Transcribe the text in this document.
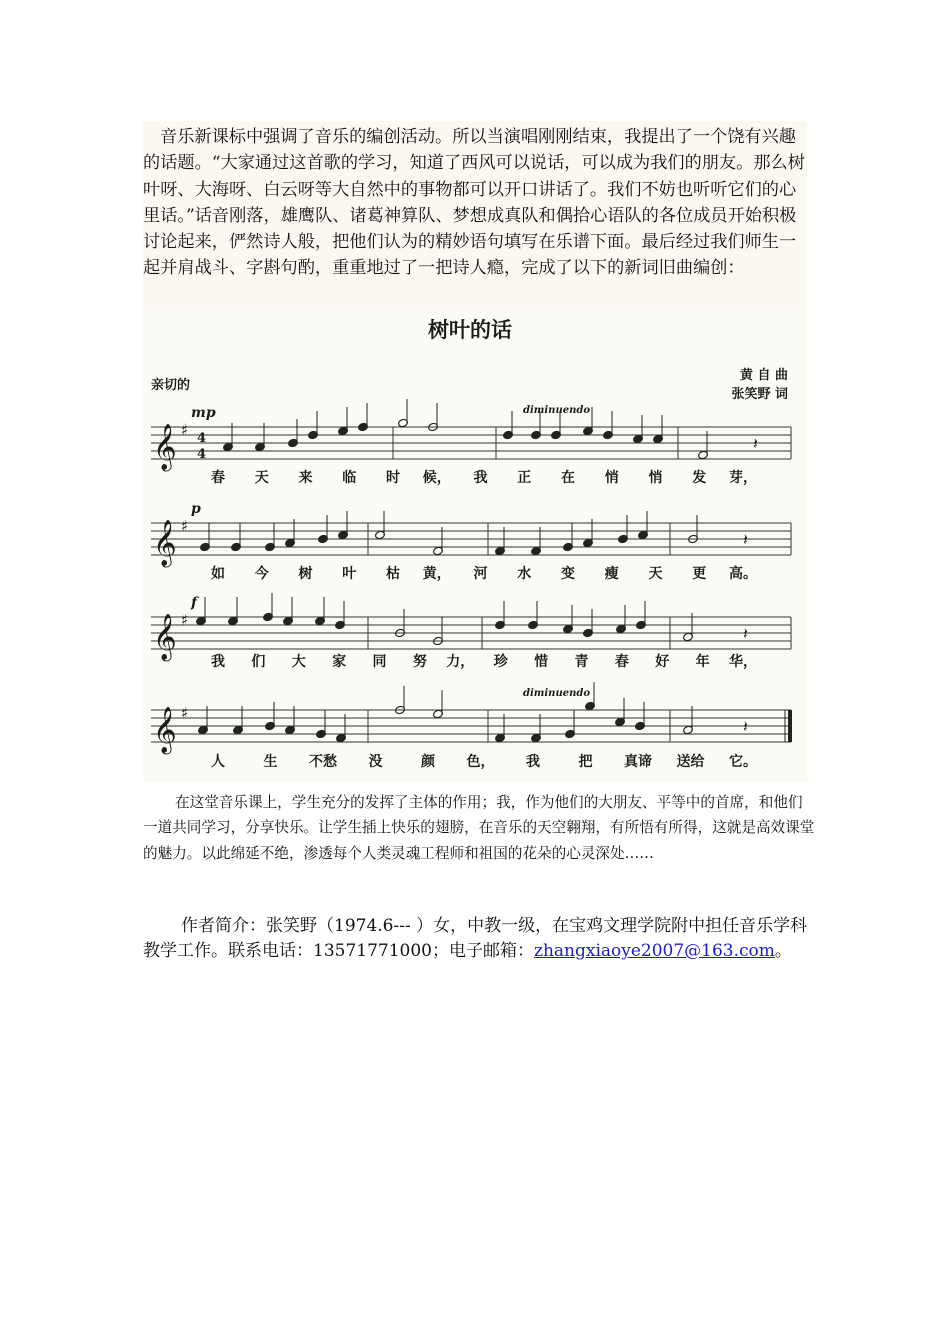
音乐新课标中强调了音乐的编创活动。所以当演唱刚刚结束，我提出了一个饶有兴趣的话题。“大家通过这首歌的学习，知道了西风可以说话，可以成为我们的朋友。那么树叶呀、大海呀、白云呀等大自然中的事物都可以开口讲话了。我们不妨也听听它们的心里话。”话音刚落，雄鹰队、诸葛神算队、梦想成真队和偶拾心语队的各位成员开始积极讨论起来，俨然诗人般，把他们认为的精妙语句填写在乐谱下面。最后经过我们师生一起并肩战斗、字斟句酌，重重地过了一把诗人瘾，完成了以下的新词旧曲编创：

树叶的话
亲切的
黄 自 曲
张笑野 词
𝄞 ♯ 4
4
𝄽
mp	diminuendo
春 天 来 临 时 候， 我 正 在 悄 悄 发 芽，
𝄞 ♯
𝄽
p
如 今 树 叶 枯 黄， 河 水 变 瘦 天 更 高。
𝄞 ♯
𝄽
f
我 们 大 家 同 努 力， 珍 惜 青 春 好 年 华，
𝄞 ♯
𝄽
diminuendo
人	生 不愁 没	颜 色， 我	把 真谛 送给 它。

在这堂音乐课上，学生充分的发挥了主体的作用；我，作为他们的大朋友、平等中的首席，和他们一道共同学习，分享快乐。让学生插上快乐的翅膀，在音乐的天空翱翔，有所悟有所得，这就是高效课堂的魅力。以此绵延不绝，渗透每个人类灵魂工程师和祖国的花朵的心灵深处……

作者简介：张笑野（1974.6--- ）女，中教一级，在宝鸡文理学院附中担任音乐学科教学工作。联系电话：13571771000；电子邮箱：zhangxiaoye2007@163.com。
